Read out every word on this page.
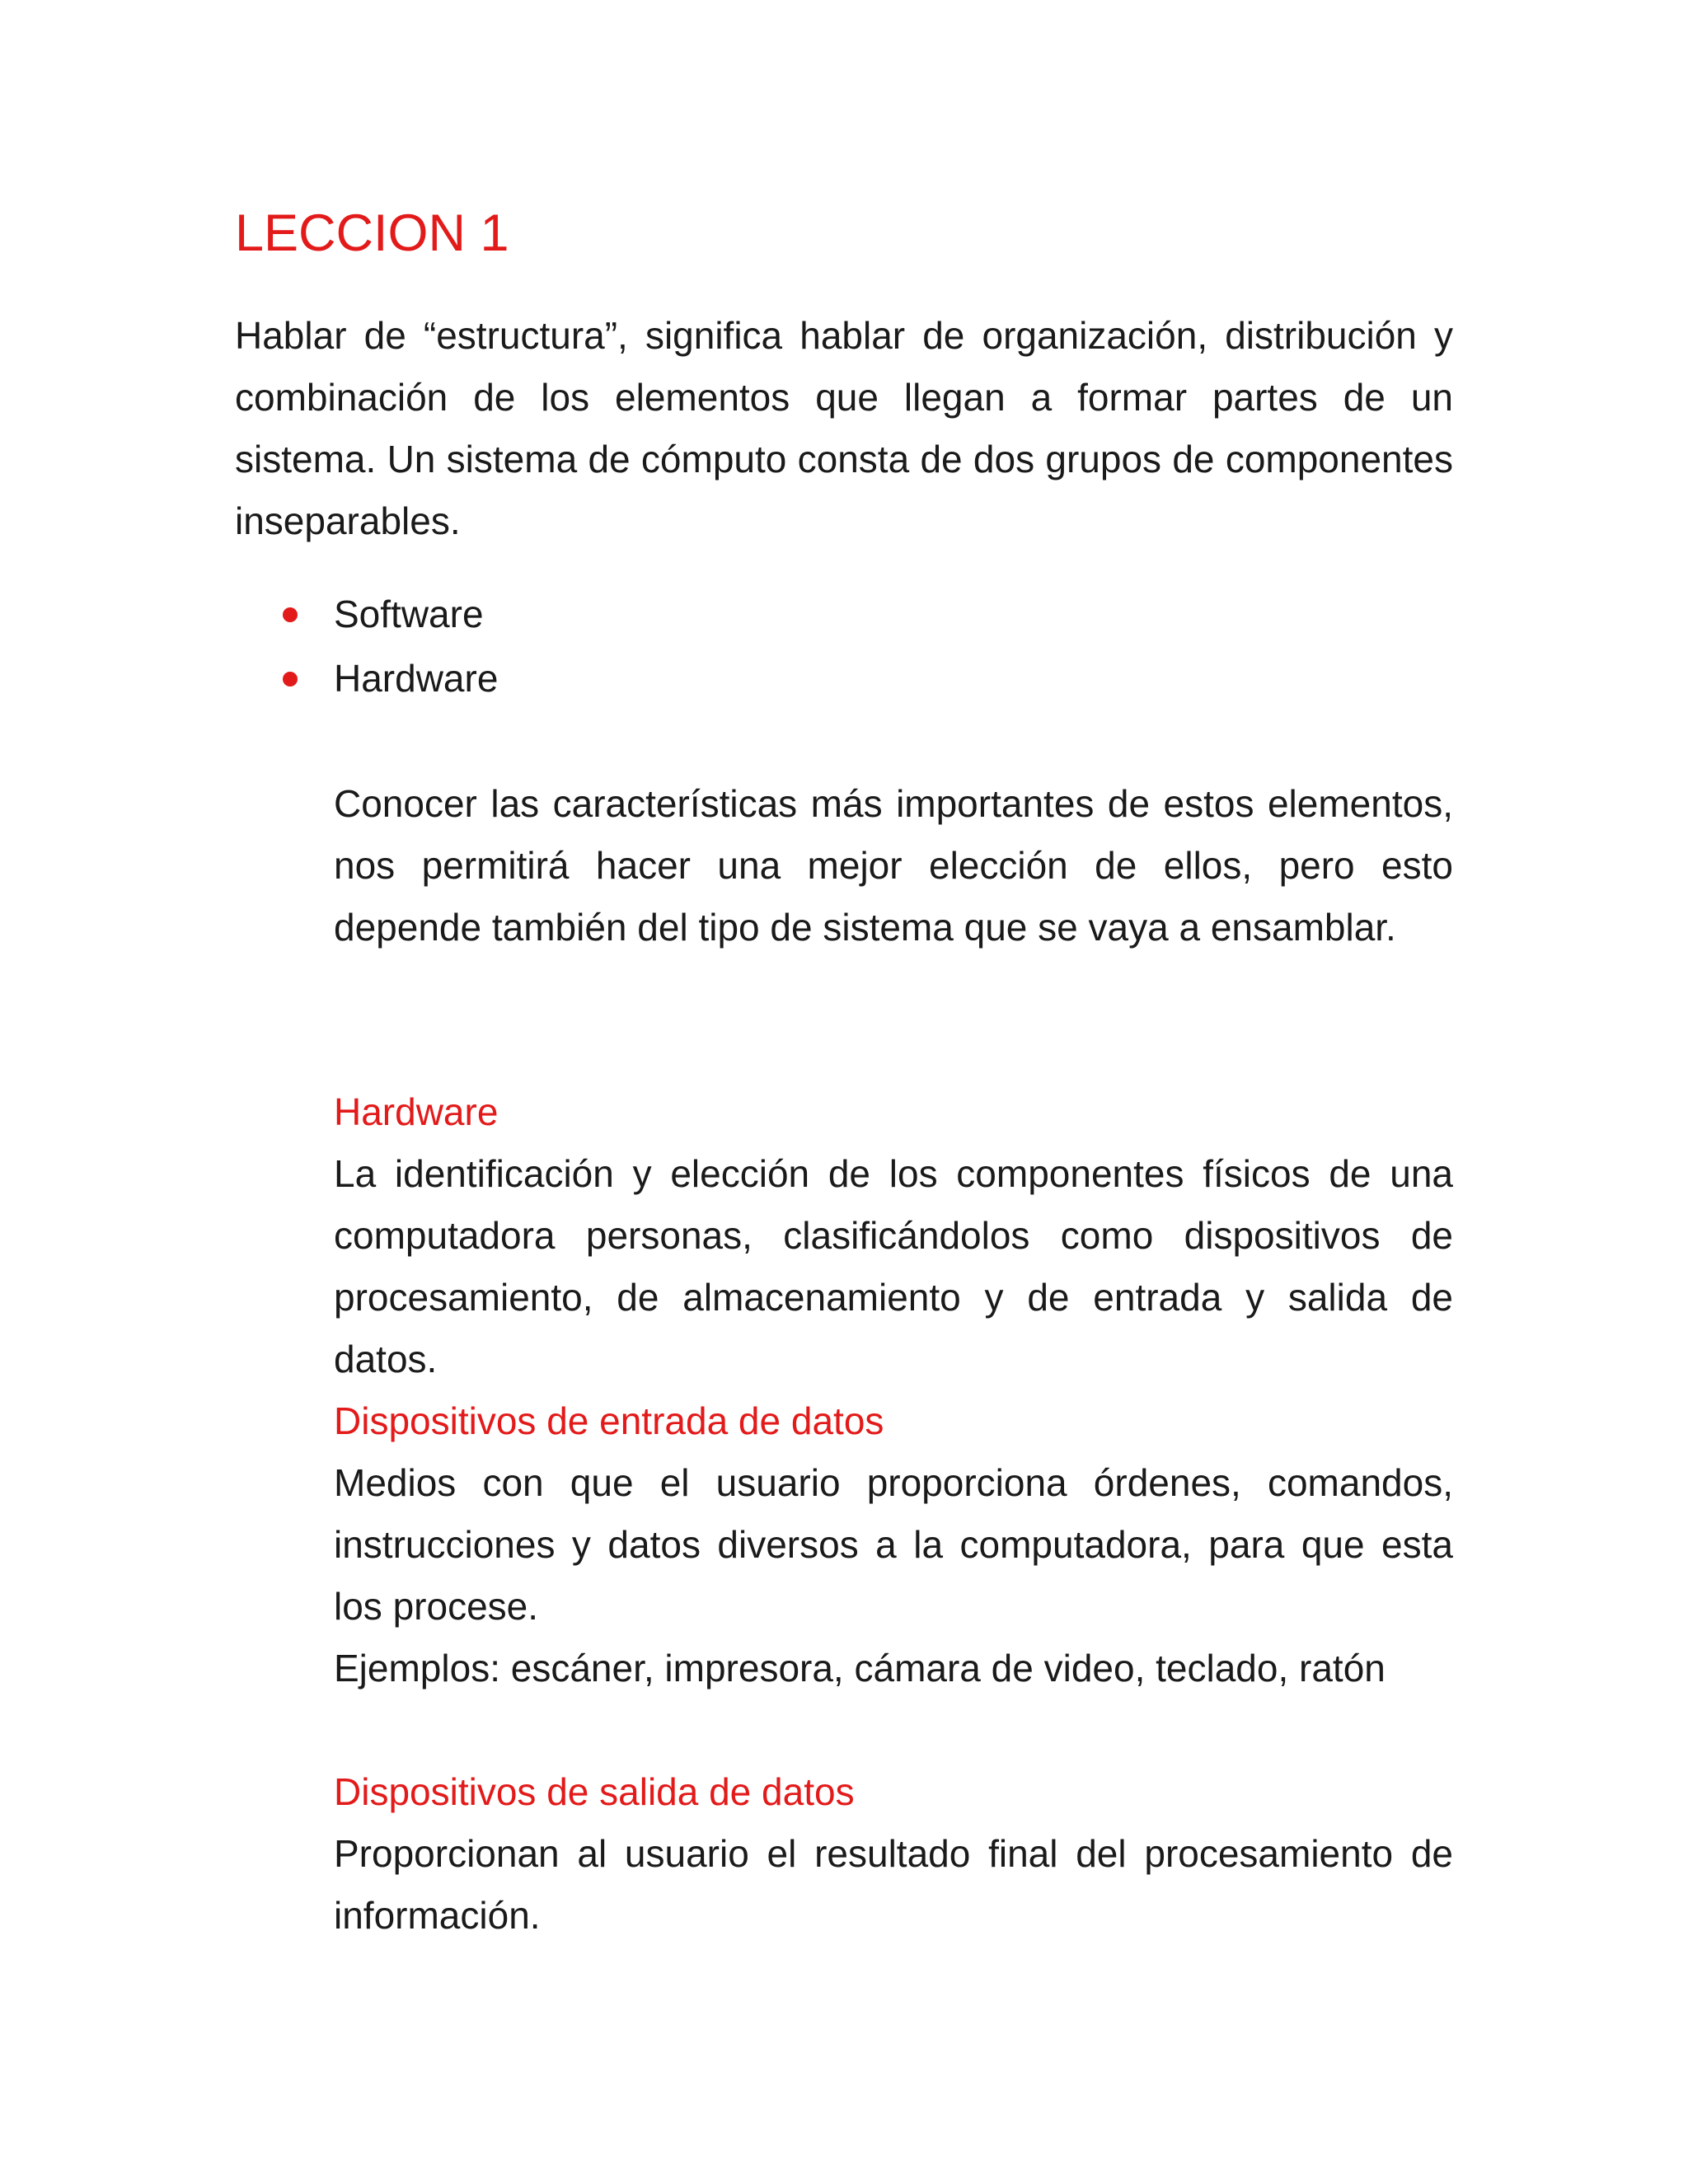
LECCION 1

Hablar de “estructura”, significa hablar de organización, distribución y combinación de los elementos que llegan a formar partes de un sistema. Un sistema de cómputo consta de dos grupos de componentes inseparables.

Software
Hardware

Conocer las características más importantes de estos elementos, nos permitirá hacer una mejor elección de ellos, pero esto depende también del tipo de sistema que se vaya a ensamblar.

Hardware

La identificación y elección de los componentes físicos de una computadora personas, clasificándolos como dispositivos de procesamiento, de almacenamiento y de entrada y salida de datos.

Dispositivos de entrada de datos

Medios con que el usuario proporciona órdenes, comandos, instrucciones y datos diversos a la computadora, para que esta los procese.

Ejemplos: escáner, impresora, cámara de video, teclado, ratón

Dispositivos de salida de datos

Proporcionan al usuario el resultado final del procesamiento de información.
